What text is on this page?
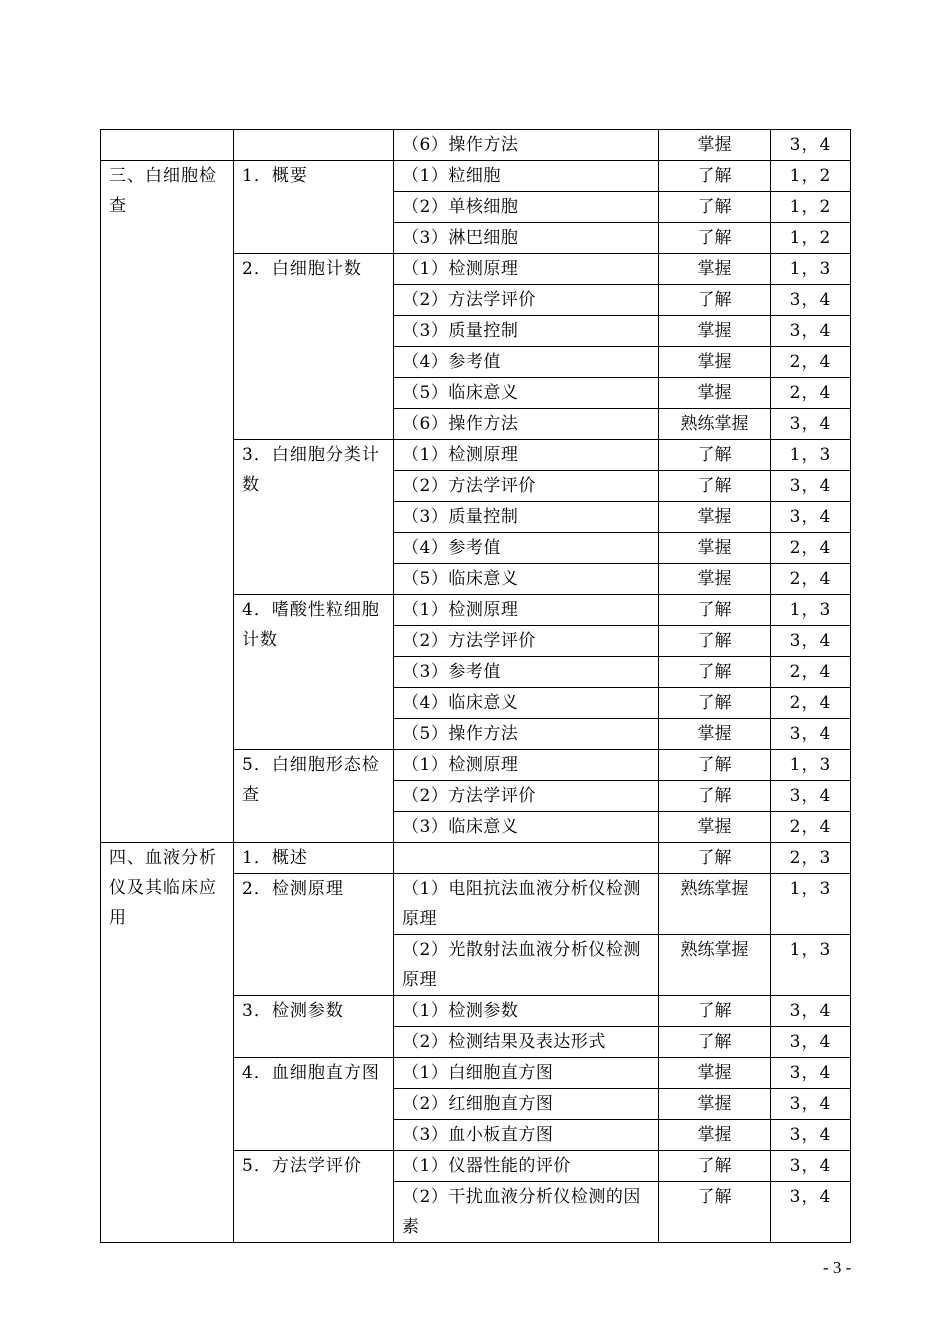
		（6）操作方法	掌握	3，4
三、白细胞检查	1．概要	（1）粒细胞	了解	1，2
		（2）单核细胞	了解	1，2
		（3）淋巴细胞	了解	1，2
	2．白细胞计数	（1）检测原理	掌握	1，3
		（2）方法学评价	了解	3，4
		（3）质量控制	掌握	3，4
		（4）参考值	掌握	2，4
		（5）临床意义	掌握	2，4
		（6）操作方法	熟练掌握	3，4
	3．白细胞分类计数	（1）检测原理	了解	1，3
		（2）方法学评价	了解	3，4
		（3）质量控制	掌握	3，4
		（4）参考值	掌握	2，4
		（5）临床意义	掌握	2，4
	4．嗜酸性粒细胞计数	（1）检测原理	了解	1，3
		（2）方法学评价	了解	3，4
		（3）参考值	了解	2，4
		（4）临床意义	了解	2，4
		（5）操作方法	掌握	3，4
	5．白细胞形态检查	（1）检测原理	了解	1，3
		（2）方法学评价	了解	3，4
		（3）临床意义	掌握	2，4
四、血液分析仪及其临床应用	1．概述		了解	2，3
	2．检测原理	（1）电阻抗法血液分析仪检测原理	熟练掌握	1，3
		（2）光散射法血液分析仪检测原理	熟练掌握	1，3
	3．检测参数	（1）检测参数	了解	3，4
		（2）检测结果及表达形式	了解	3，4
	4．血细胞直方图	（1）白细胞直方图	掌握	3，4
		（2）红细胞直方图	掌握	3，4
		（3）血小板直方图	掌握	3，4
	5．方法学评价	（1）仪器性能的评价	了解	3，4
		（2）干扰血液分析仪检测的因素	了解	3，4
- 3 -
